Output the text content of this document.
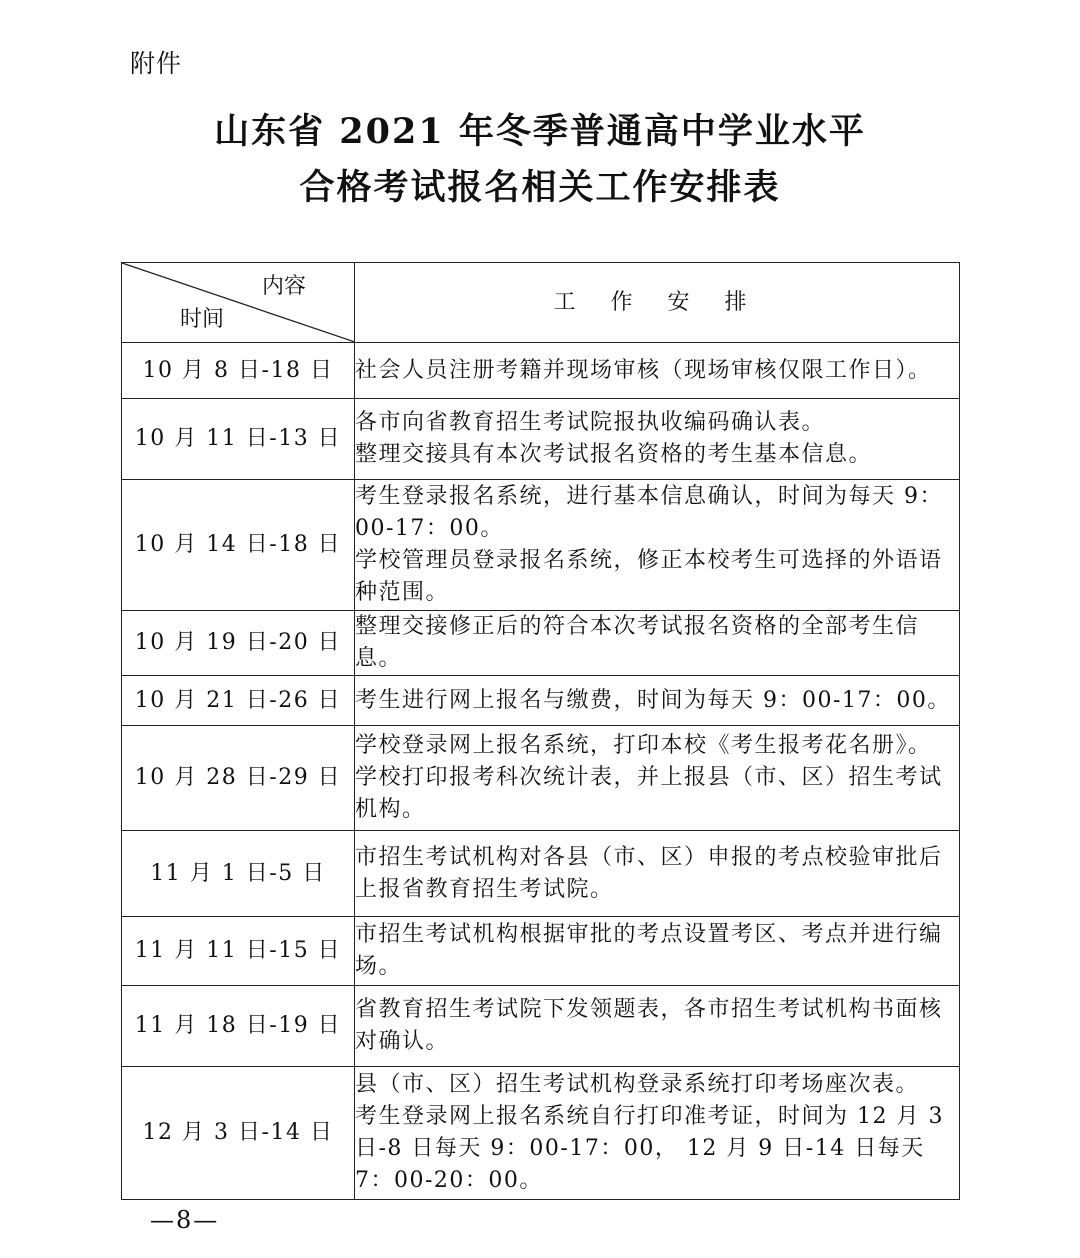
附件
山东省 2021 年冬季普通高中学业水平
合格考试报名相关工作安排表
内容
时间	工 作 安 排
10 月 8 日-18 日	社会人员注册考籍并现场审核（现场审核仅限工作日）。

10 月 11 日-13 日	各市向省教育招生考试院报执收编码确认表。
整理交接具有本次考试报名资格的考生基本信息。

10 月 14 日-18 日	考生登录报名系统，进行基本信息确认，时间为每天 9：00-17：00。
学校管理员登录报名系统，修正本校考生可选择的外语语种范围。

10 月 19 日-20 日	整理交接修正后的符合本次考试报名资格的全部考生信息。

10 月 21 日-26 日	考生进行网上报名与缴费，时间为每天 9：00-17：00。

10 月 28 日-29 日	学校登录网上报名系统，打印本校《考生报考花名册》。
学校打印报考科次统计表，并上报县（市、区）招生考试机构。

11 月 1 日-5 日	市招生考试机构对各县（市、区）申报的考点校验审批后上报省教育招生考试院。

11 月 11 日-15 日	市招生考试机构根据审批的考点设置考区、考点并进行编场。

11 月 18 日-19 日	省教育招生考试院下发领题表，各市招生考试机构书面核对确认。

12 月 3 日-14 日	县（市、区）招生考试机构登录系统打印考场座次表。
考生登录网上报名系统自行打印准考证，时间为 12 月 3 日-8 日每天 9：00-17：00， 12 月 9 日-14 日每天 7：00-20：00。
—8—
